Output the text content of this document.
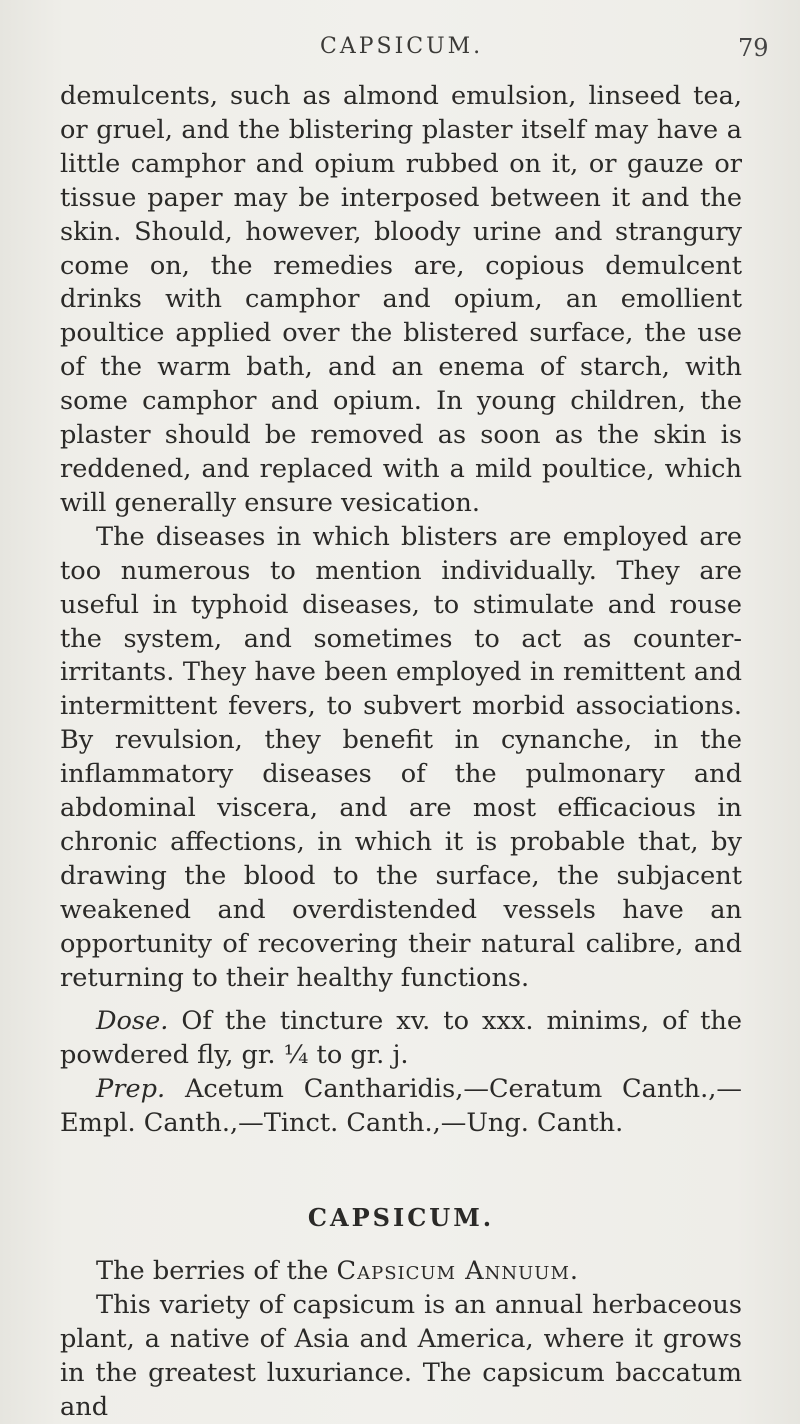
CAPSICUM.	79

demulcents, such as almond emulsion, linseed tea, or gruel, and the blistering plaster itself may have a little camphor and opium rubbed on it, or gauze or tissue paper may be interposed between it and the skin. Should, however, bloody urine and strangury come on, the remedies are, copious demulcent drinks with camphor and opium, an emollient poultice applied over the blistered surface, the use of the warm bath, and an enema of starch, with some camphor and opium. In young children, the plaster should be removed as soon as the skin is reddened, and replaced with a mild poultice, which will generally ensure vesication.

The diseases in which blisters are employed are too numerous to mention individually. They are useful in typhoid diseases, to stimulate and rouse the system, and sometimes to act as counter-irritants. They have been employed in remittent and intermittent fevers, to subvert morbid associations. By revulsion, they benefit in cynanche, in the inflammatory diseases of the pulmonary and abdominal viscera, and are most efficacious in chronic affections, in which it is probable that, by drawing the blood to the surface, the subjacent weakened and overdistended vessels have an opportunity of recovering their natural calibre, and returning to their healthy functions.

Dose. Of the tincture xv. to xxx. minims, of the powdered fly, gr. ¼ to gr. j.

Prep. Acetum Cantharidis,—Ceratum Canth.,—Empl. Canth.,—Tinct. Canth.,—Ung. Canth.

CAPSICUM.

The berries of the Capsicum Annuum.

This variety of capsicum is an annual herbaceous plant, a native of Asia and America, where it grows in the greatest luxuriance. The capsicum baccatum and
